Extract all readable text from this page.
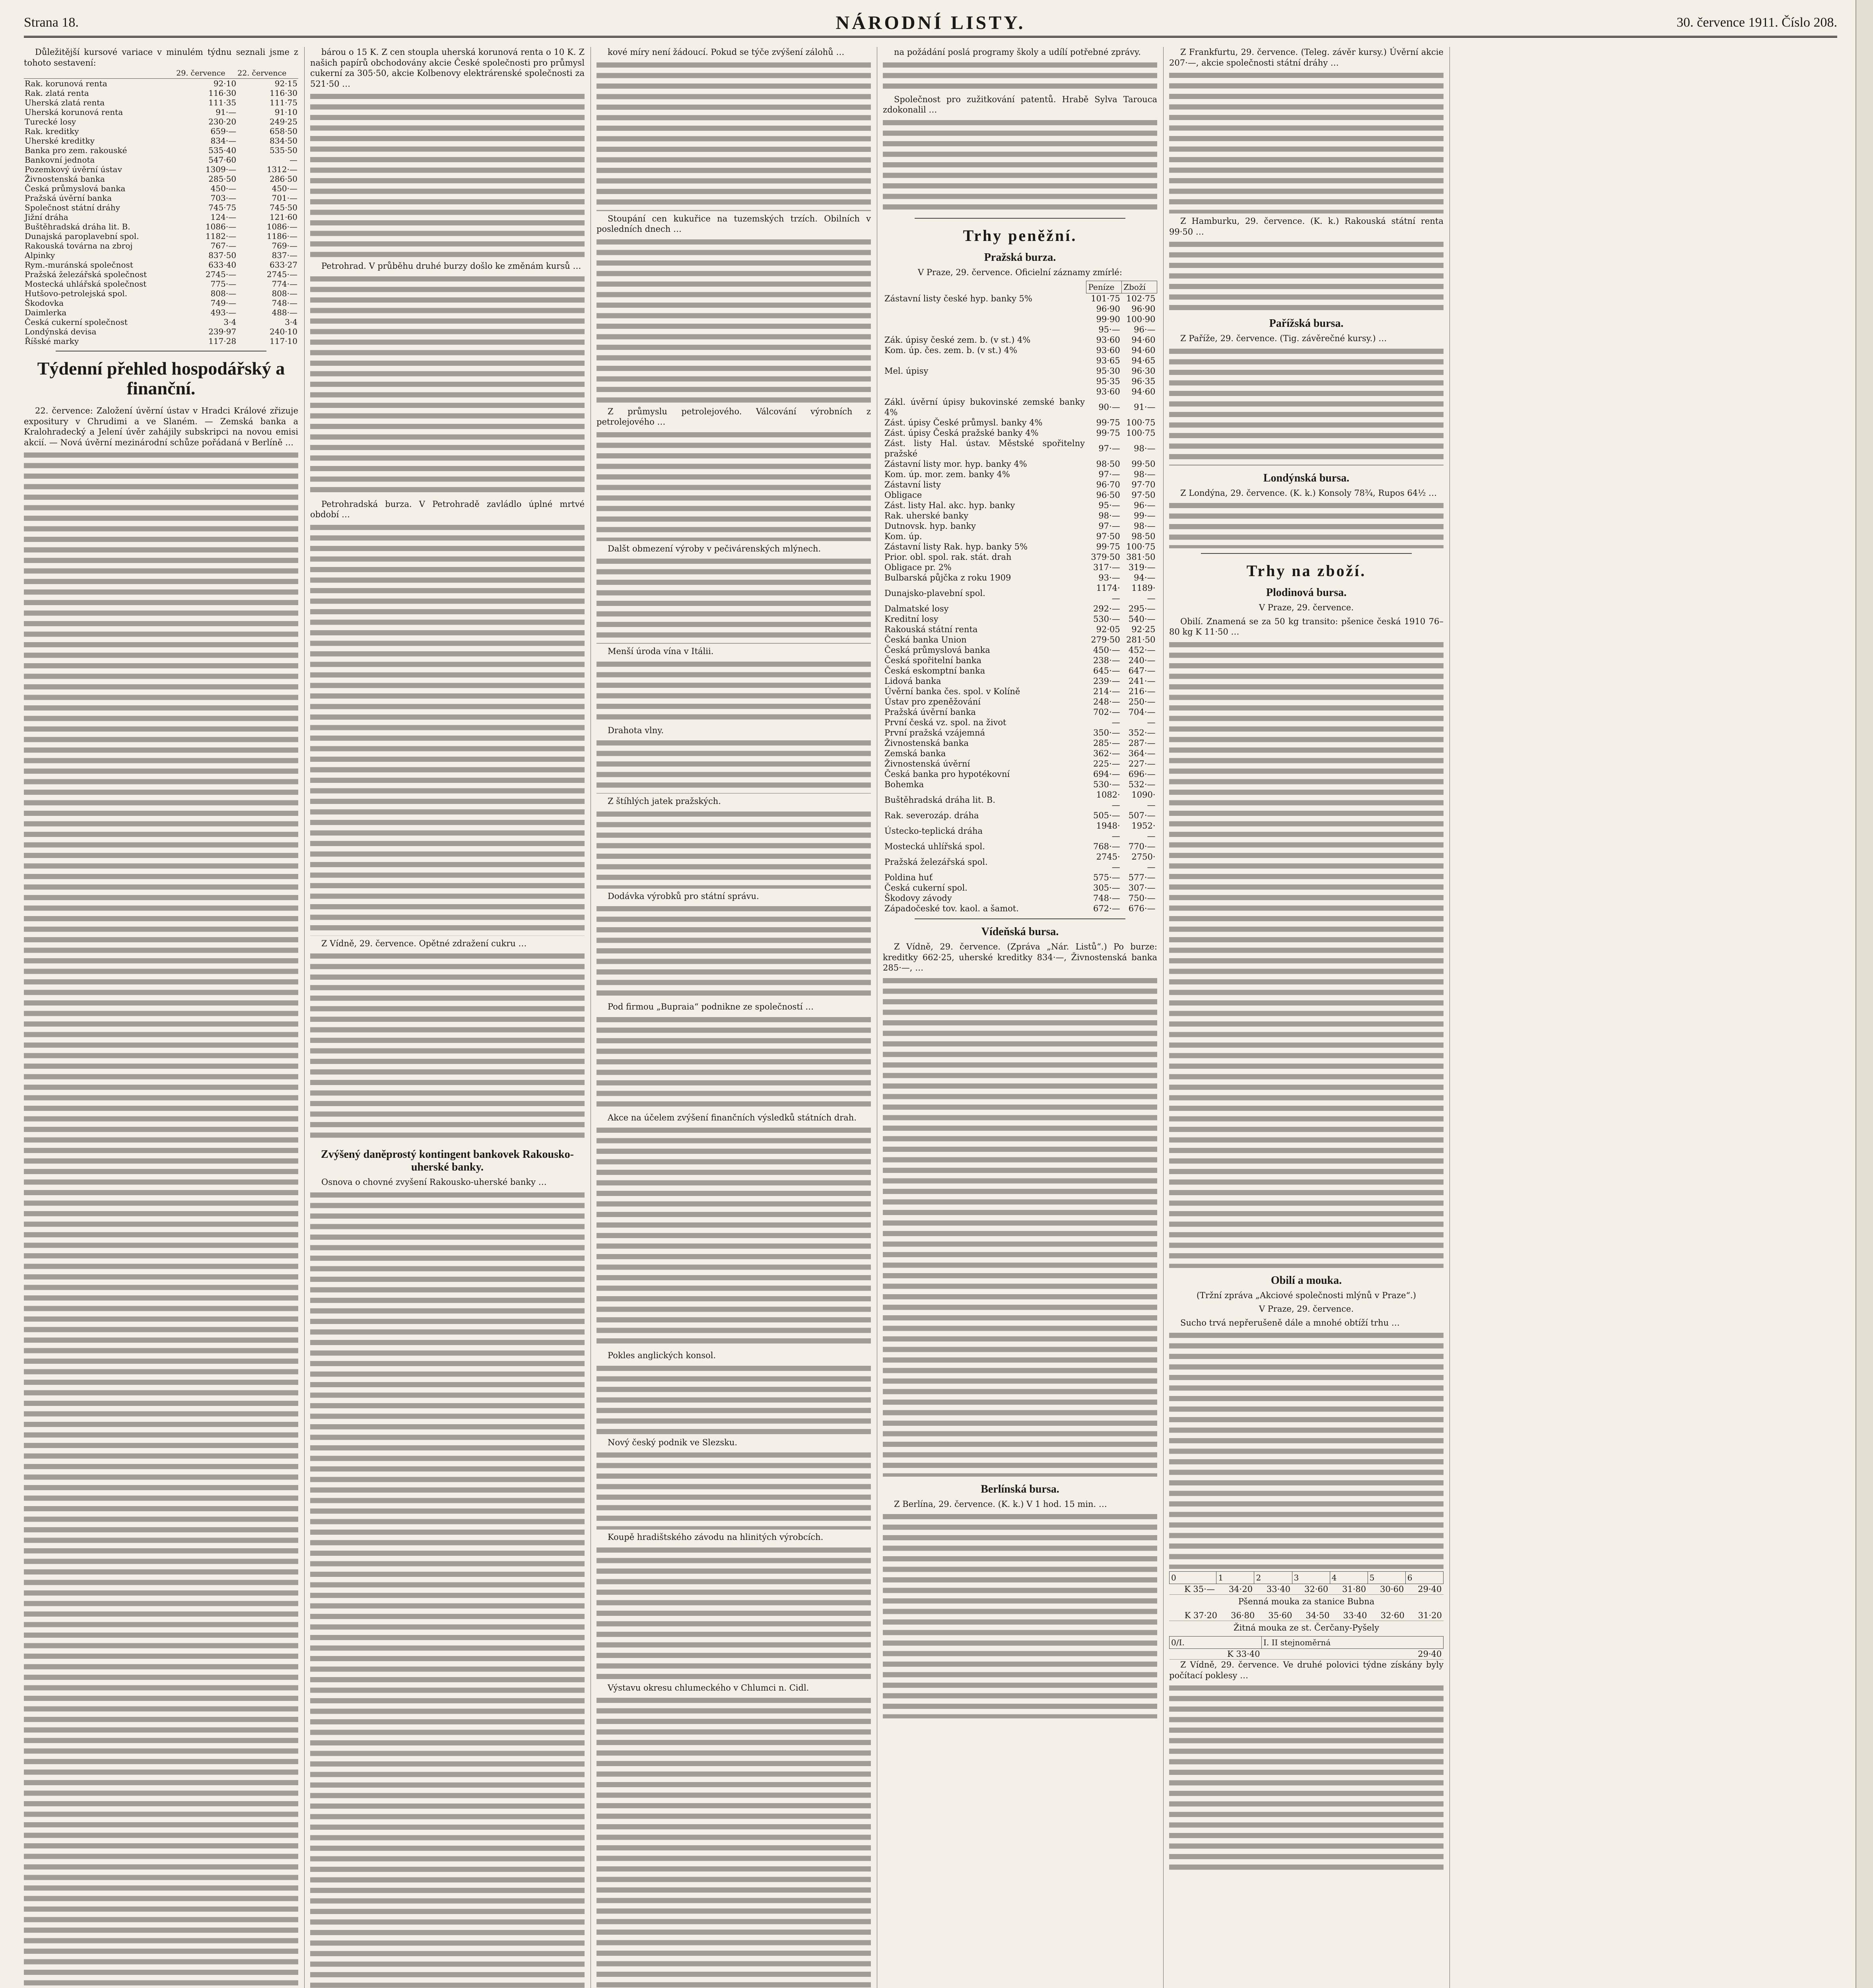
Strana 18.	NÁRODNÍ LISTY.	30. července 1911. Číslo 208.

Důležitější kursové variace v minulém týdnu seznali jsme z tohoto sestavení:

	29. července	22. července
Rak. korunová renta	92·10	92·15
Rak. zlatá renta	116·30	116·30
Uherská zlatá renta	111·35	111·75
Uherská korunová renta	91·—	91·10
Turecké losy	230·20	249·25
Rak. kreditky	659·—	658·50
Uherské kreditky	834·—	834·50
Banka pro zem. rakouské	535·40	535·50
Bankovní jednota	547·60	—
Pozemkový úvěrní ústav	1309·—	1312·—
Živnostenská banka	285·50	286·50
Česká průmyslová banka	450·—	450·—
Pražská úvěrní banka	703·—	701·—
Společnost státní dráhy	745·75	745·50
Jižní dráha	124·—	121·60
Buštěhradská dráha lit. B.	1086·—	1086·—
Dunajská paroplavební spol.	1182·—	1186·—
Rakouská továrna na zbroj	767·—	769·—
Alpinky	837·50	837·—
Rym.-muránská společnost	633·40	633·27
Pražská železářská společnost	2745·—	2745·—
Mostecká uhlářská společnost	775·—	774·—
Hutšovo-petrolejská spol.	808·—	808·—
Škodovka	749·—	748·—
Daimlerka	493·—	488·—
Česká cukerní společnost	3·4	3·4
Londýnská devisa	239·97	240·10
Říšské marky	117·28	117·10
Týdenní přehled hospodářský a finanční.

22. července: Založení úvěrní ústav v Hradci Králové zřizuje expositury v Chrudimi a ve Slaném. — Zemská banka a Kralohradecký a Jelení úvěr zahájily subskripci na novou emisi akcií. — Nová úvěrní mezinárodní schůze pořádaná v Berlíně …

bárou o 15 K. Z cen stoupla uherská korunová renta o 10 K. Z našich papírů obchodovány akcie České společnosti pro průmysl cukerní za 305·50, akcie Kolbenovy elektrárenské společnosti za 521·50 …

Petrohrad. V průběhu druhé burzy došlo ke změnám kursů …

Petrohradská burza. V Petrohradě zavládlo úplné mrtvé období …

Z Vídně, 29. července. Opětné zdražení cukru …

Zvýšený daněprostý kontingent bankovek Rakousko-uherské banky.

Osnova o chovné zvyšení Rakousko-uherské banky …

kové míry není žádoucí. Pokud se týče zvýšení zálohů …

Stoupání cen kukuřice na tuzemských trzích. Obilních v posledních dnech …

Z průmyslu petrolejového. Válcování výrobních z petrolejového …

Dalšt obmezení výroby v pečivárenských mlýnech.

Menší úroda vína v Itálii.

Drahota vlny.

Z štíhlých jatek pražských.

Dodávka výrobků pro státní správu.

Pod firmou „Bupraia“ podnikne ze společností …

Akce na účelem zvýšení finančních výsledků státních drah.

Pokles anglických konsol.

Nový český podnik ve Slezsku.

Koupě hradištského závodu na hlinitých výrobcích.

Výstavu okresu chlumeckého v Chlumci n. Cidl.

na požádání poslá programy školy a udílí potřebné zprávy.

Společnost pro zužitkování patentů. Hrabě Sylva Tarouca zdokonalil …

Trhy peněžní.
Pražská burza.
V Praze, 29. července. Oficielní záznamy zmírlé:
	Peníze	Zboží
Zástavní listy české hyp. banky 5%	101·75	102·75
	96·90	96·90
	99·90	100·90
	95·—	96·—
Zák. úpisy české zem. b. (v st.) 4%	93·60	94·60
Kom. úp. čes. zem. b. (v st.) 4%	93·60	94·60
	93·65	94·65
Mel. úpisy	95·30	96·30
	95·35	96·35
	93·60	94·60
Zákl. úvěrní úpisy bukovinské zemské banky 4%	90·—	91·—
Zást. úpisy České průmysl. banky 4%	99·75	100·75
Zást. úpisy Česká pražské banky 4%	99·75	100·75
Zást. listy Hal. ústav. Městské spořitelny pražské	97·—	98·—
Zástavní listy mor. hyp. banky 4%	98·50	99·50
Kom. úp. mor. zem. banky 4%	97·—	98·—
Zástavní listy	96·70	97·70
Obligace	96·50	97·50
Zást. listy Hal. akc. hyp. banky	95·—	96·—
Rak. uherské banky	98·—	99·—
Dutnovsk. hyp. banky	97·—	98·—
Kom. úp.	97·50	98·50
Zástavní listy Rak. hyp. banky 5%	99·75	100·75
Prior. obl. spol. rak. stát. drah	379·50	381·50
Obligace pr. 2%	317·—	319·—
Bulbarská půjčka z roku 1909	93·—	94·—
Dunajsko-plavební spol.	1174·—	1189·—
Dalmatské losy	292·—	295·—
Kreditní losy	530·—	540·—
Rakouská státní renta	92·05	92·25
Česká banka Union	279·50	281·50
Česká průmyslová banka	450·—	452·—
Česká spořitelní banka	238·—	240·—
Česká eskomptní banka	645·—	647·—
Lidová banka	239·—	241·—
Úvěrní banka čes. spol. v Kolíně	214·—	216·—
Ústav pro zpeněžování	248·—	250·—
Pražská úvěrní banka	702·—	704·—
První česká vz. spol. na život	—	—
První pražská vzájemná	350·—	352·—
Živnostenská banka	285·—	287·—
Zemská banka	362·—	364·—
Živnostenská úvěrní	225·—	227·—
Česká banka pro hypotékovní	694·—	696·—
Bohemka	530·—	532·—
Buštěhradská dráha lit. B.	1082·—	1090·—
Rak. severozáp. dráha	505·—	507·—
Ústecko-teplická dráha	1948·—	1952·—
Mostecká uhlířská spol.	768·—	770·—
Pražská železářská spol.	2745·—	2750·—
Poldina huť	575·—	577·—
Česká cukerní spol.	305·—	307·—
Škodovy závody	748·—	750·—
Západočeské tov. kaol. a šamot.	672·—	676·—
Vídeňská bursa.

Z Vídně, 29. července. (Zpráva „Nár. Listů“.) Po burze: kreditky 662·25, uherské kreditky 834·—, Živnostenská banka 285·—, …

Berlínská bursa.

Z Berlína, 29. července. (K. k.) V 1 hod. 15 min. …

Z Frankfurtu, 29. července. (Teleg. závěr kursy.) Úvěrní akcie 207·—, akcie společnosti státní dráhy …

Z Hamburku, 29. července. (K. k.) Rakouská státní renta 99·50 …

Pařížská bursa.

Z Paříže, 29. července. (Tig. závěrečné kursy.) …

Londýnská bursa.

Z Londýna, 29. července. (K. k.) Konsoly 78¾, Rupos 64½ …

Trhy na zboží.
Plodinová bursa.
V Praze, 29. července.

Obilí. Znamená se za 50 kg transito: pšenice česká 1910 76–80 kg K 11·50 …

Obilí a mouka.
(Tržní zpráva „Akciové společnosti mlýnů v Praze“.)
V Praze, 29. července.

Sucho trvá nepřerušeně dále a mnohé obtíží trhu …

0	1	2	3	4	5	6
K 35·—	34·20	33·40	32·60	31·80	30·60	29·40
Pšenná mouka za stanice Bubna
K 37·20	36·80	35·60	34·50	33·40	32·60	31·20
Žitná mouka ze st. Čerčany-Pyšely
0/I.	I. II stejnoměrná
K 33·40	29·40

Z Vídně, 29. července. Ve druhé polovici týdne získány byly počítací poklesy …
